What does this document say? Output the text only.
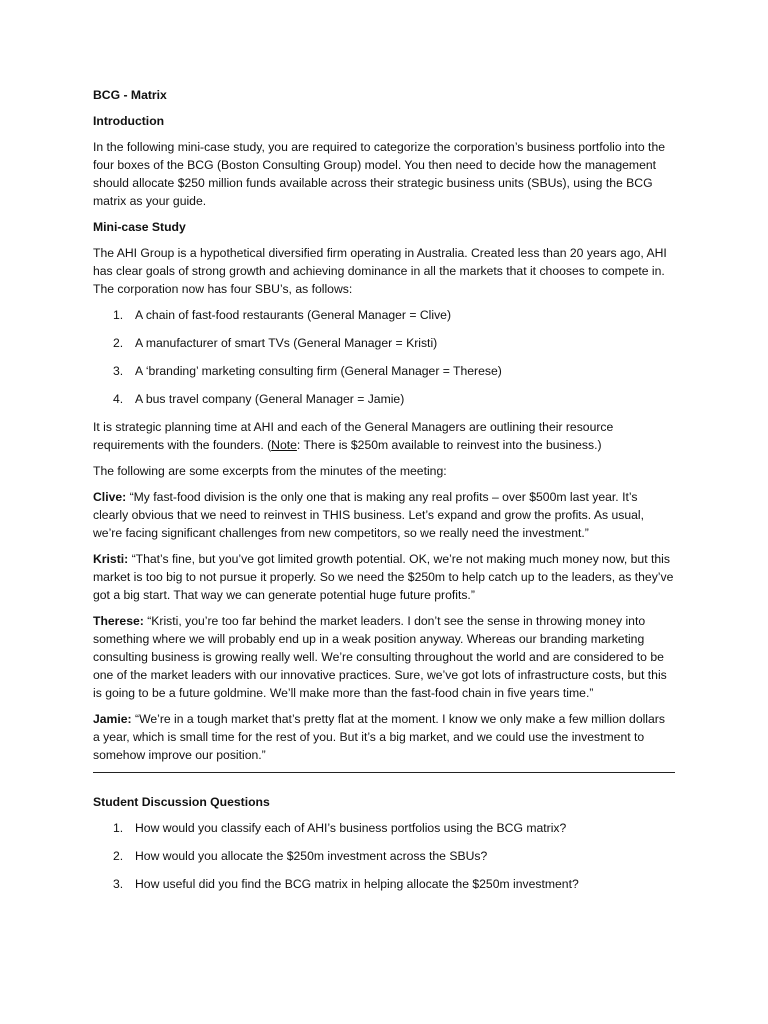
BCG - Matrix

Introduction

In the following mini-case study, you are required to categorize the corporation’s business portfolio into the four boxes of the BCG (Boston Consulting Group) model. You then need to decide how the management should allocate $250 million funds available across their strategic business units (SBUs), using the BCG matrix as your guide.

Mini-case Study

The AHI Group is a hypothetical diversified firm operating in Australia. Created less than 20 years ago, AHI has clear goals of strong growth and achieving dominance in all the markets that it chooses to compete in. The corporation now has four SBU’s, as follows:

1. A chain of fast-food restaurants (General Manager = Clive)
2. A manufacturer of smart TVs (General Manager = Kristi)
3. A ‘branding’ marketing consulting firm (General Manager = Therese)
4. A bus travel company (General Manager = Jamie)

It is strategic planning time at AHI and each of the General Managers are outlining their resource requirements with the founders. (Note: There is $250m available to reinvest into the business.)

The following are some excerpts from the minutes of the meeting:

Clive: “My fast-food division is the only one that is making any real profits – over $500m last year. It’s clearly obvious that we need to reinvest in THIS business. Let’s expand and grow the profits. As usual, we’re facing significant challenges from new competitors, so we really need the investment.”

Kristi: “That’s fine, but you’ve got limited growth potential. OK, we’re not making much money now, but this market is too big to not pursue it properly. So we need the $250m to help catch up to the leaders, as they’ve got a big start. That way we can generate potential huge future profits.”

Therese: “Kristi, you’re too far behind the market leaders. I don’t see the sense in throwing money into something where we will probably end up in a weak position anyway. Whereas our branding marketing consulting business is growing really well. We’re consulting throughout the world and are considered to be one of the market leaders with our innovative practices. Sure, we’ve got lots of infrastructure costs, but this is going to be a future goldmine. We’ll make more than the fast-food chain in five years time.”

Jamie: “We’re in a tough market that’s pretty flat at the moment. I know we only make a few million dollars a year, which is small time for the rest of you. But it’s a big market, and we could use the investment to somehow improve our position.”

Student Discussion Questions

1. How would you classify each of AHI’s business portfolios using the BCG matrix?
2. How would you allocate the $250m investment across the SBUs?
3. How useful did you find the BCG matrix in helping allocate the $250m investment?
